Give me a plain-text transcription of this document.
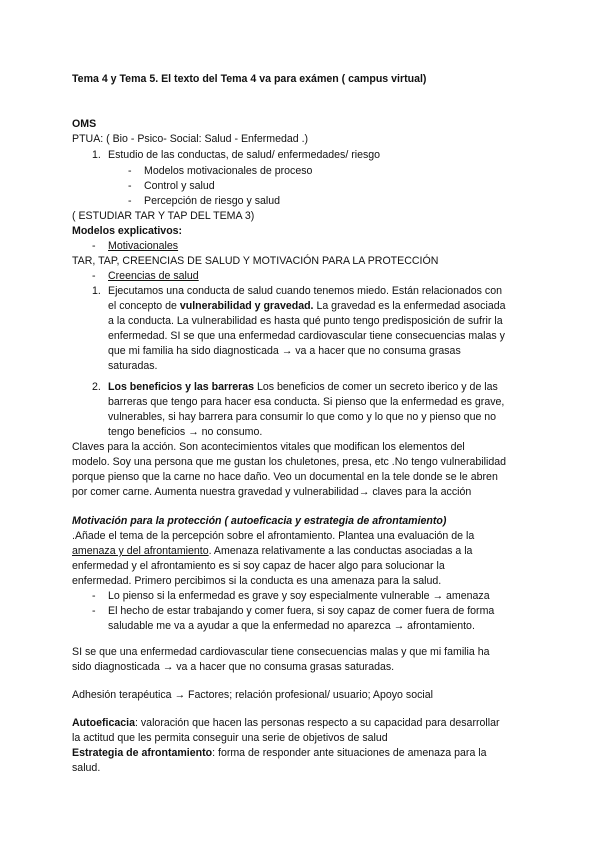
Tema 4 y Tema 5. El texto del Tema 4 va para exámen ( campus virtual)
OMS
PTUA: ( Bio - Psico- Social: Salud - Enfermedad .)
1. Estudio de las conductas, de salud/ enfermedades/ riesgo
- Modelos motivacionales de proceso
- Control y salud
- Percepción de riesgo y salud
( ESTUDIAR TAR Y TAP DEL TEMA 3)
Modelos explicativos:
- Motivacionales
TAR, TAP, CREENCIAS DE SALUD Y MOTIVACIÓN PARA LA PROTECCIÓN
- Creencias de salud
1. Ejecutamos una conducta de salud cuando tenemos miedo. Están relacionados con
el concepto de vulnerabilidad y gravedad. La gravedad es la enfermedad asociada
a la conducta. La vulnerabilidad es hasta qué punto tengo predisposición de sufrir la
enfermedad. SI se que una enfermedad cardiovascular tiene consecuencias malas y
que mi familia ha sido diagnosticada → va a hacer que no consuma grasas
saturadas.
2. Los beneficios y las barreras Los beneficios de comer un secreto iberico y de las
barreras que tengo para hacer esa conducta. Si pienso que la enfermedad es grave,
vulnerables, si hay barrera para consumir lo que como y lo que no y pienso que no
tengo beneficios → no consumo.
Claves para la acción. Son acontecimientos vitales que modifican los elementos del
modelo. Soy una persona que me gustan los chuletones, presa, etc .No tengo vulnerabilidad
porque pienso que la carne no hace daño. Veo un documental en la tele donde se le abren
por comer carne. Aumenta nuestra gravedad y vulnerabilidad→ claves para la acción
Motivación para la protección ( autoeficacia y estrategia de afrontamiento)
.Añade el tema de la percepción sobre el afrontamiento. Plantea una evaluación de la
amenaza y del afrontamiento. Amenaza relativamente a las conductas asociadas a la
enfermedad y el afrontamiento es si soy capaz de hacer algo para solucionar la
enfermedad. Primero percibimos si la conducta es una amenaza para la salud.
- Lo pienso si la enfermedad es grave y soy especialmente vulnerable → amenaza
- El hecho de estar trabajando y comer fuera, si soy capaz de comer fuera de forma
saludable me va a ayudar a que la enfermedad no aparezca → afrontamiento.
SI se que una enfermedad cardiovascular tiene consecuencias malas y que mi familia ha
sido diagnosticada → va a hacer que no consuma grasas saturadas.
Adhesión terapéutica → Factores; relación profesional/ usuario; Apoyo social
Autoeficacia: valoración que hacen las personas respecto a su capacidad para desarrollar
la actitud que les permita conseguir una serie de objetivos de salud
Estrategia de afrontamiento: forma de responder ante situaciones de amenaza para la
salud.
